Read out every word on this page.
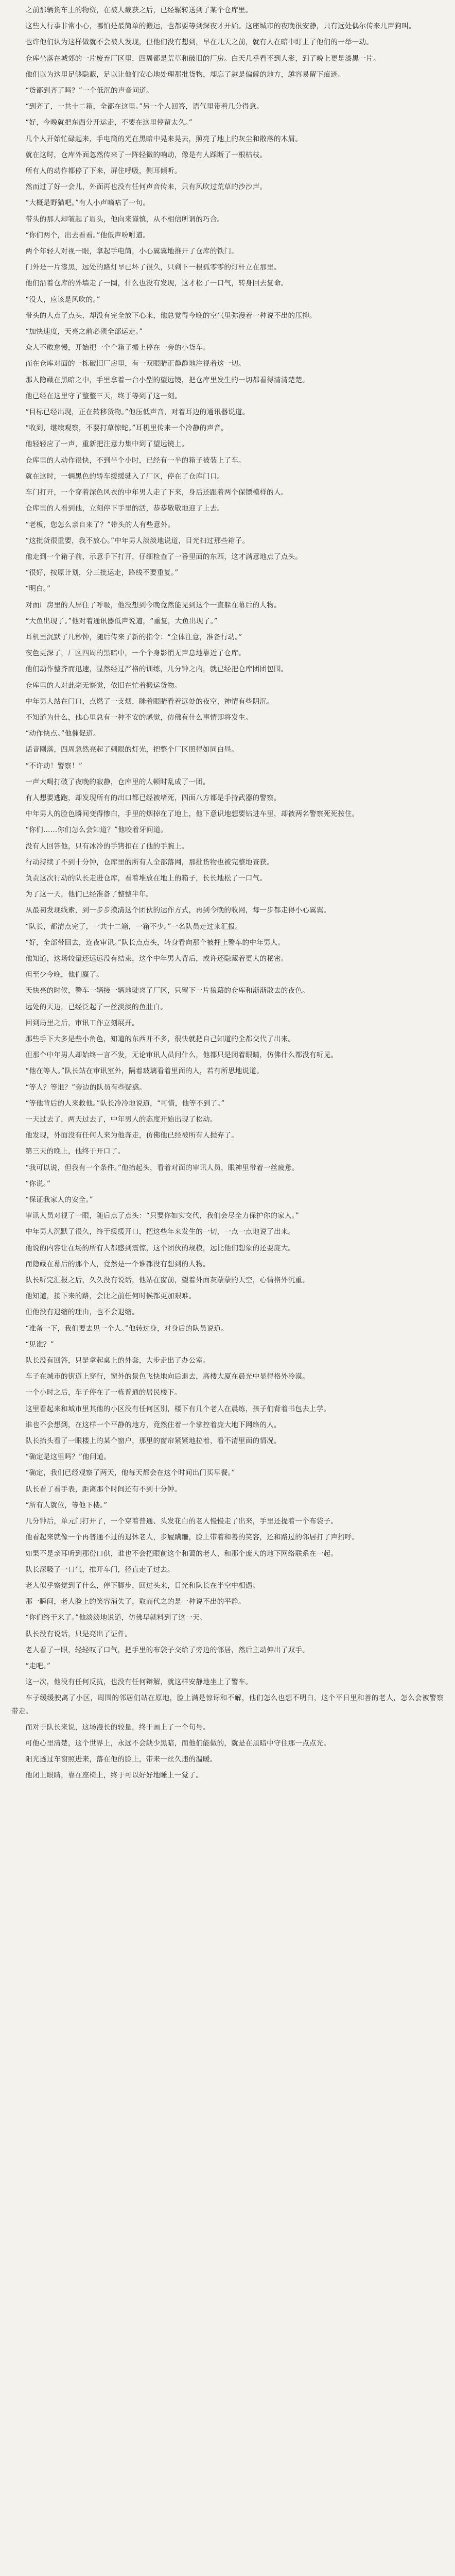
之前那辆货车上的物资，在被人截获之后，已经辗转送到了某个仓库里。

这些人行事非常小心，哪怕是最简单的搬运，也都要等到深夜才开始。这座城市的夜晚很安静，只有远处偶尔传来几声狗叫。

也许他们认为这样做就不会被人发现，但他们没有想到，早在几天之前，就有人在暗中盯上了他们的一举一动。

仓库坐落在城郊的一片废弃厂区里，四周都是荒草和破旧的厂房。白天几乎看不到人影，到了晚上更是漆黑一片。

他们以为这里足够隐蔽，足以让他们安心地处理那批货物，却忘了越是偏僻的地方，越容易留下痕迹。

“货都到齐了吗？”一个低沉的声音问道。

“到齐了，一共十二箱，全都在这里。”另一个人回答，语气里带着几分得意。

“好，今晚就把东西分开运走，不要在这里停留太久。”

几个人开始忙碌起来，手电筒的光在黑暗中晃来晃去，照亮了地上的灰尘和散落的木屑。

就在这时，仓库外面忽然传来了一阵轻微的响动，像是有人踩断了一根枯枝。

所有人的动作都停了下来，屏住呼吸，侧耳倾听。

然而过了好一会儿，外面再也没有任何声音传来，只有风吹过荒草的沙沙声。

“大概是野猫吧。”有人小声嘀咕了一句。

带头的那人却皱起了眉头，他向来谨慎，从不相信所谓的巧合。

“你们两个，出去看看。”他低声吩咐道。

两个年轻人对视一眼，拿起手电筒，小心翼翼地推开了仓库的铁门。

门外是一片漆黑，远处的路灯早已坏了很久，只剩下一根孤零零的灯杆立在那里。

他们沿着仓库的外墙走了一圈，什么也没有发现，这才松了一口气，转身回去复命。

“没人，应该是风吹的。”

带头的人点了点头，却没有完全放下心来，他总觉得今晚的空气里弥漫着一种说不出的压抑。

“加快速度，天亮之前必须全部运走。”

众人不敢怠慢，开始把一个个箱子搬上停在一旁的小货车。

而在仓库对面的一栋破旧厂房里，有一双眼睛正静静地注视着这一切。

那人隐藏在黑暗之中，手里拿着一台小型的望远镜，把仓库里发生的一切都看得清清楚楚。

他已经在这里守了整整三天，终于等到了这一刻。

“目标已经出现，正在转移货物。”他压低声音，对着耳边的通讯器说道。

“收到，继续观察，不要打草惊蛇。”耳机里传来一个冷静的声音。

他轻轻应了一声，重新把注意力集中到了望远镜上。

仓库里的人动作很快，不到半个小时，已经有一半的箱子被装上了车。

就在这时，一辆黑色的轿车缓缓驶入了厂区，停在了仓库门口。

车门打开，一个穿着深色风衣的中年男人走了下来，身后还跟着两个保镖模样的人。

仓库里的人看到他，立刻停下手里的活，恭恭敬敬地迎了上去。

“老板，您怎么亲自来了？”带头的人有些意外。

“这批货很重要，我不放心。”中年男人淡淡地说道，目光扫过那些箱子。

他走到一个箱子前，示意手下打开，仔细检查了一番里面的东西，这才满意地点了点头。

“很好，按原计划，分三批运走，路线不要重复。”

“明白。”

对面厂房里的人屏住了呼吸，他没想到今晚竟然能见到这个一直躲在幕后的人物。

“大鱼出现了。”他对着通讯器低声说道，“重复，大鱼出现了。”

耳机里沉默了几秒钟，随后传来了新的指令：“全体注意，准备行动。”

夜色更深了，厂区四周的黑暗中，一个个身影悄无声息地靠近了仓库。

他们动作整齐而迅速，显然经过严格的训练，几分钟之内，就已经把仓库团团包围。

仓库里的人对此毫无察觉，依旧在忙着搬运货物。

中年男人站在门口，点燃了一支烟，眯着眼睛看着远处的夜空，神情有些阴沉。

不知道为什么，他心里总有一种不安的感觉，仿佛有什么事情即将发生。

“动作快点。”他催促道。

话音刚落，四周忽然亮起了刺眼的灯光，把整个厂区照得如同白昼。

“不许动！警察！”

一声大喝打破了夜晚的寂静，仓库里的人顿时乱成了一团。

有人想要逃跑，却发现所有的出口都已经被堵死，四面八方都是手持武器的警察。

中年男人的脸色瞬间变得惨白，手里的烟掉在了地上，他下意识地想要钻进车里，却被两名警察死死按住。

“你们……你们怎么会知道？”他咬着牙问道。

没有人回答他，只有冰冷的手铐扣在了他的手腕上。

行动持续了不到十分钟，仓库里的所有人全部落网，那批货物也被完整地查获。

负责这次行动的队长走进仓库，看着堆放在地上的箱子，长长地松了一口气。

为了这一天，他们已经准备了整整半年。

从最初发现线索，到一步步摸清这个团伙的运作方式，再到今晚的收网，每一步都走得小心翼翼。

“队长，都清点完了，一共十二箱，一箱不少。”一名队员走过来汇报。

“好，全部带回去，连夜审讯。”队长点点头，转身看向那个被押上警车的中年男人。

他知道，这场较量还远远没有结束，这个中年男人背后，或许还隐藏着更大的秘密。

但至少今晚，他们赢了。

天快亮的时候，警车一辆接一辆地驶离了厂区，只留下一片狼藉的仓库和渐渐散去的夜色。

远处的天边，已经泛起了一丝淡淡的鱼肚白。

回到局里之后，审讯工作立刻展开。

那些手下大多是些小角色，知道的东西并不多，很快就把自己知道的全都交代了出来。

但那个中年男人却始终一言不发，无论审讯人员问什么，他都只是闭着眼睛，仿佛什么都没有听见。

“他在等人。”队长站在审讯室外，隔着玻璃看着里面的人，若有所思地说道。

“等人？等谁？”旁边的队员有些疑惑。

“等他背后的人来救他。”队长冷冷地说道，“可惜，他等不到了。”

一天过去了，两天过去了，中年男人的态度开始出现了松动。

他发现，外面没有任何人来为他奔走，仿佛他已经被所有人抛弃了。

第三天的晚上，他终于开口了。

“我可以说，但我有一个条件。”他抬起头，看着对面的审讯人员，眼神里带着一丝疲惫。

“你说。”

“保证我家人的安全。”

审讯人员对视了一眼，随后点了点头：“只要你如实交代，我们会尽全力保护你的家人。”

中年男人沉默了很久，终于缓缓开口，把这些年来发生的一切，一点一点地说了出来。

他说的内容让在场的所有人都感到震惊，这个团伙的规模，远比他们想象的还要庞大。

而隐藏在幕后的那个人，竟然是一个谁都没有想到的人物。

队长听完汇报之后，久久没有说话，他站在窗前，望着外面灰蒙蒙的天空，心情格外沉重。

他知道，接下来的路，会比之前任何时候都更加艰难。

但他没有退缩的理由，也不会退缩。

“准备一下，我们要去见一个人。”他转过身，对身后的队员说道。

“见谁？”

队长没有回答，只是拿起桌上的外套，大步走出了办公室。

车子在城市的街道上穿行，窗外的景色飞快地向后退去，高楼大厦在晨光中显得格外冷漠。

一个小时之后，车子停在了一栋普通的居民楼下。

这里看起来和城市里其他的小区没有任何区别，楼下有几个老人在晨练，孩子们背着书包去上学。

谁也不会想到，在这样一个平静的地方，竟然住着一个掌控着庞大地下网络的人。

队长抬头看了一眼楼上的某个窗户，那里的窗帘紧紧地拉着，看不清里面的情况。

“确定是这里吗？”他问道。

“确定，我们已经观察了两天，他每天都会在这个时间出门买早餐。”

队长看了看手表，距离那个时间还有不到十分钟。

“所有人就位，等他下楼。”

几分钟后，单元门打开了，一个穿着普通、头发花白的老人慢慢走了出来，手里还提着一个布袋子。

他看起来就像一个再普通不过的退休老人，步履蹒跚，脸上带着和善的笑容，还和路过的邻居打了声招呼。

如果不是亲耳听到那份口供，谁也不会把眼前这个和蔼的老人，和那个庞大的地下网络联系在一起。

队长深吸了一口气，推开车门，径直走了过去。

老人似乎察觉到了什么，停下脚步，回过头来，目光和队长在半空中相遇。

那一瞬间，老人脸上的笑容消失了，取而代之的是一种说不出的平静。

“你们终于来了。”他淡淡地说道，仿佛早就料到了这一天。

队长没有说话，只是亮出了证件。

老人看了一眼，轻轻叹了口气，把手里的布袋子交给了旁边的邻居，然后主动伸出了双手。

“走吧。”

这一次，他没有任何反抗，也没有任何辩解，就这样安静地坐上了警车。

车子缓缓驶离了小区，周围的邻居们站在原地，脸上满是惊讶和不解，他们怎么也想不明白，这个平日里和善的老人，怎么会被警察带走。

而对于队长来说，这场漫长的较量，终于画上了一个句号。

可他心里清楚，这个世界上，永远不会缺少黑暗，而他们能做的，就是在黑暗中守住那一点点光。

阳光透过车窗照进来，落在他的脸上，带来一丝久违的温暖。

他闭上眼睛，靠在座椅上，终于可以好好地睡上一觉了。
